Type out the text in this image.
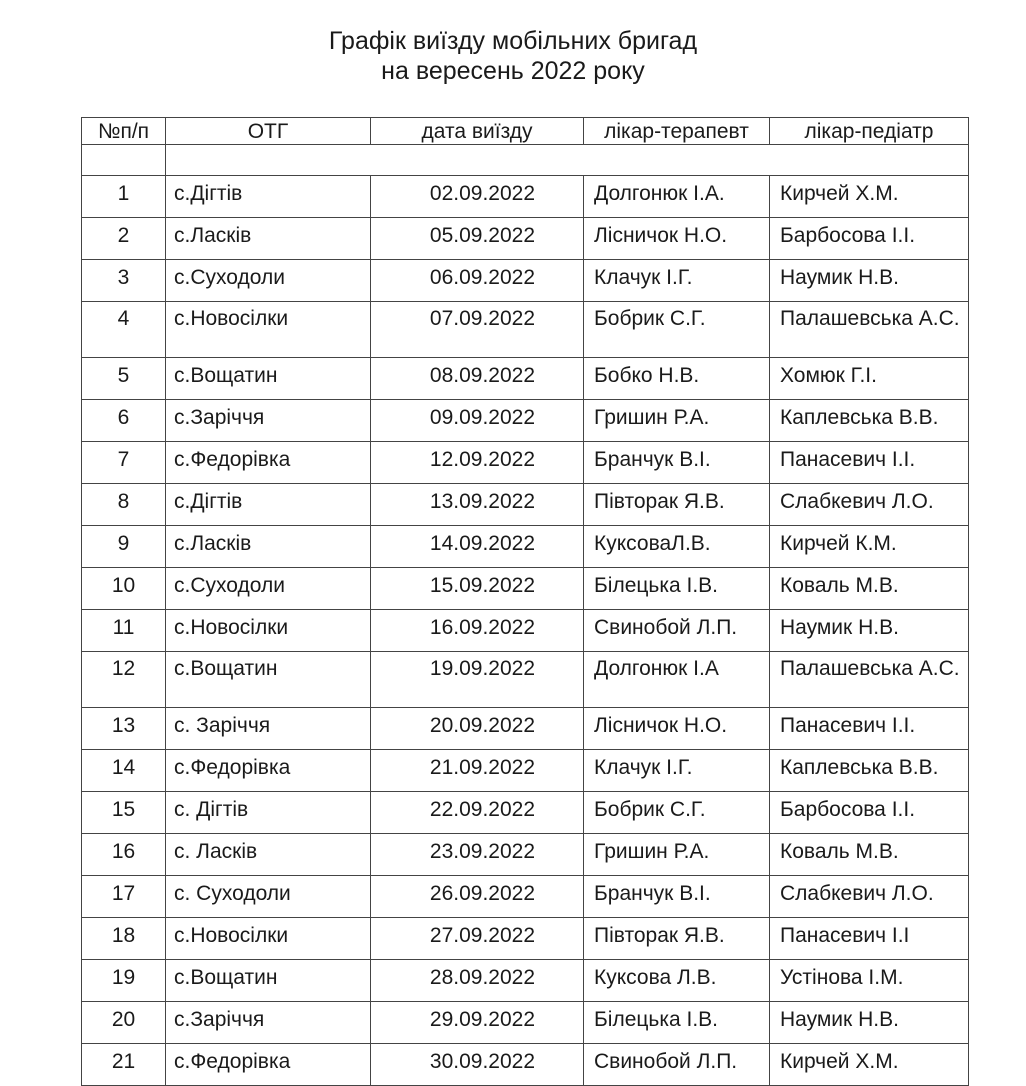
Графік виїзду мобільних бригад
на вересень 2022 року
№п/п	ОТГ	дата виїзду	лікар-терапевт	лікар-педіатр

1	с.Дігтів	02.09.2022	Долгонюк І.А.	Кирчей Х.М.
2	с.Ласків	05.09.2022	Лісничок Н.О.	Барбосова І.І.
3	с.Суходоли	06.09.2022	Клачук І.Г.	Наумик Н.В.
4	с.Новосілки	07.09.2022	Бобрик С.Г.	Палашевська А.С.
5	с.Вощатин	08.09.2022	Бобко Н.В.	Хомюк Г.І.
6	с.Заріччя	09.09.2022	Гришин Р.А.	Каплевська В.В.
7	с.Федорівка	12.09.2022	Бранчук В.І.	Панасевич І.І.
8	с.Дігтів	13.09.2022	Півторак Я.В.	Слабкевич Л.О.
9	с.Ласків	14.09.2022	КуксоваЛ.В.	Кирчей К.М.
10	с.Суходоли	15.09.2022	Білецька І.В.	Коваль М.В.
11	с.Новосілки	16.09.2022	Свинобой Л.П.	Наумик Н.В.
12	с.Вощатин	19.09.2022	Долгонюк І.А	Палашевська А.С.
13	с. Заріччя	20.09.2022	Лісничок Н.О.	Панасевич І.І.
14	с.Федорівка	21.09.2022	Клачук І.Г.	Каплевська В.В.
15	с. Дігтів	22.09.2022	Бобрик С.Г.	Барбосова І.І.
16	с. Ласків	23.09.2022	Гришин Р.А.	Коваль М.В.
17	с. Суходоли	26.09.2022	Бранчук В.І.	Слабкевич Л.О.
18	с.Новосілки	27.09.2022	Півторак Я.В.	Панасевич І.І
19	с.Вощатин	28.09.2022	Куксова Л.В.	Устінова І.М.
20	с.Заріччя	29.09.2022	Білецька І.В.	Наумик Н.В.
21	с.Федорівка	30.09.2022	Свинобой Л.П.	Кирчей Х.М.
